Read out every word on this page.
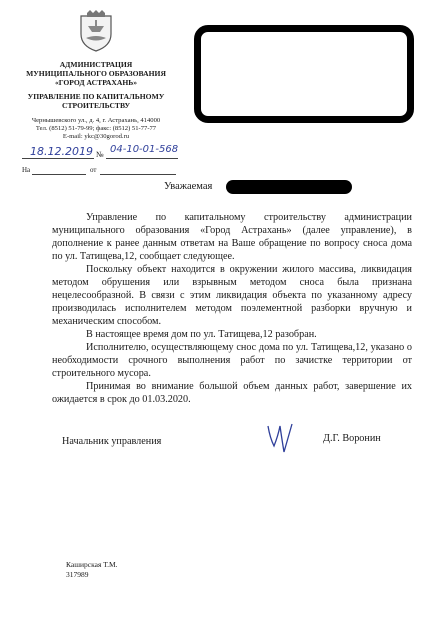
АДМИНИСТРАЦИЯ
МУНИЦИПАЛЬНОГО ОБРАЗОВАНИЯ
«ГОРОД АСТРАХАНЬ»
УПРАВЛЕНИЕ ПО КАПИТАЛЬНОМУ
СТРОИТЕЛЬСТВУ
Чернышевского ул., д. 4, г. Астрахань, 414000
Тел. (8512) 51-79-99; факс: (8512) 51-77-77
E-mail: ykc@30gorod.ru
18.12.2019 № 04-10-01-568
На	от
Уважаемая

Управление по капитальному строительству администрации муниципального образования «Город Астрахань» (далее управление), в дополнение к ранее данным ответам на Ваше обращение по вопросу сноса дома по ул. Татищева,12, сообщает следующее.

Поскольку объект находится в окружении жилого массива, ликвидация методом обрушения или взрывным методом сноса была признана нецелесообразной. В связи с этим ликвидация объекта по указанному адресу производилась исполнителем методом поэлементной разборки вручную и механическим способом.

В настоящее время дом по ул. Татищева,12 разобран.

Исполнителю, осуществляющему снос дома по ул. Татищева,12, указано о необходимости срочного выполнения работ по зачистке территории от строительного мусора.

Принимая во внимание большой объем данных работ, завершение их ожидается в срок до 01.03.2020.

Начальник управления	Д.Г. Воронин
Каширская Т.М.
317989
